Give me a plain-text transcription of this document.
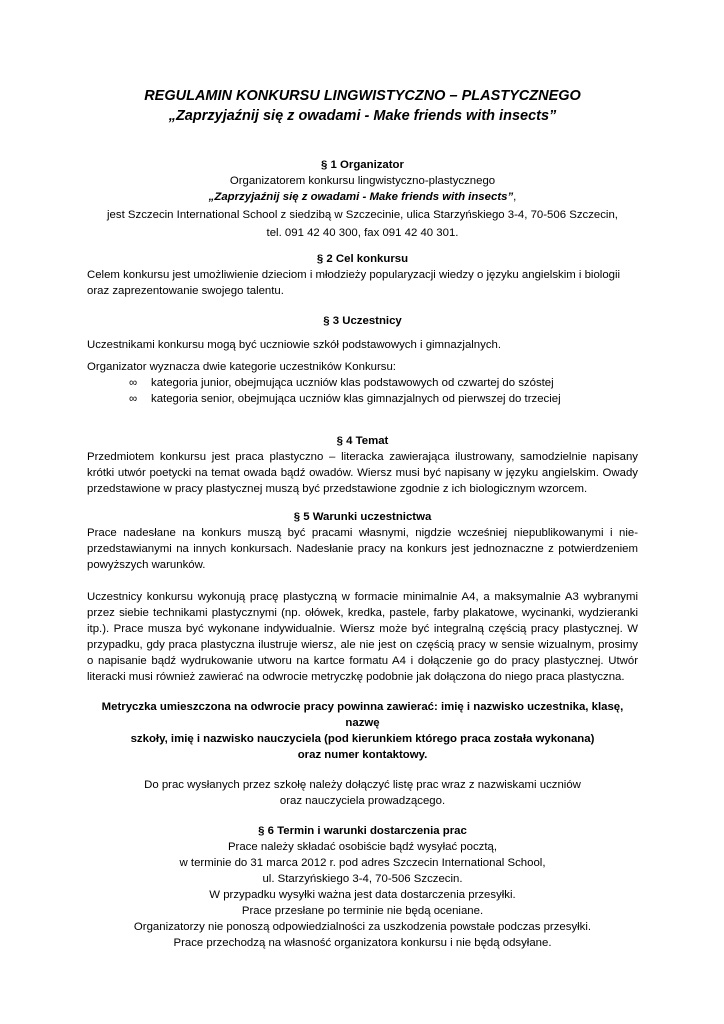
REGULAMIN KONKURSU LINGWISTYCZNO – PLASTYCZNEGO

„Zaprzyjaźnij się z owadami - Make friends with insects”

§ 1 Organizator

Organizatorem konkursu lingwistyczno-plastycznego

„Zaprzyjaźnij się z owadami - Make friends with insects”,

jest Szczecin International School z siedzibą w Szczecinie, ulica Starzyńskiego 3-4, 70-506 Szczecin,

tel. 091 42 40 300, fax 091 42 40 301.

§ 2 Cel konkursu

Celem konkursu jest umożliwienie dzieciom i młodzieży popularyzacji wiedzy o języku angielskim i biologii oraz zaprezentowanie swojego talentu.

§ 3 Uczestnicy

Uczestnikami konkursu mogą być uczniowie szkół podstawowych i gimnazjalnych.

Organizator wyznacza dwie kategorie uczestników Konkursu:

∞ kategoria junior, obejmująca uczniów klas podstawowych od czwartej do szóstej
∞ kategoria senior, obejmująca uczniów klas gimnazjalnych od pierwszej do trzeciej

§ 4 Temat

Przedmiotem konkursu jest praca plastyczno – literacka zawierająca ilustrowany, samodzielnie napisany krótki utwór poetycki na temat owada bądź owadów. Wiersz musi być napisany w języku angielskim. Owady przedstawione w pracy plastycznej muszą być przedstawione zgodnie z ich biologicznym wzorcem.

§ 5 Warunki uczestnictwa

Prace nadesłane na konkurs muszą być pracami własnymi, nigdzie wcześniej niepublikowanymi i nie-przedstawianymi na innych konkursach. Nadesłanie pracy na konkurs jest jednoznaczne z potwierdzeniem powyższych warunków.

Uczestnicy konkursu wykonują pracę plastyczną w formacie minimalnie A4, a maksymalnie A3 wybranymi przez siebie technikami plastycznymi (np. ołówek, kredka, pastele, farby plakatowe, wycinanki, wydzieranki itp.). Prace musza być wykonane indywidualnie. Wiersz może być integralną częścią pracy plastycznej. W przypadku, gdy praca plastyczna ilustruje wiersz, ale nie jest on częścią pracy w sensie wizualnym, prosimy o napisanie bądź wydrukowanie utworu na kartce formatu A4 i dołączenie go do pracy plastycznej. Utwór literacki musi również zawierać na odwrocie metryczkę podobnie jak dołączona do niego praca plastyczna.

Metryczka umieszczona na odwrocie pracy powinna zawierać: imię i nazwisko uczestnika, klasę, nazwę

szkoły, imię i nazwisko nauczyciela (pod kierunkiem którego praca została wykonana)

oraz numer kontaktowy.

Do prac wysłanych przez szkołę należy dołączyć listę prac wraz z nazwiskami uczniów

oraz nauczyciela prowadzącego.

§ 6 Termin i warunki dostarczenia prac

Prace należy składać osobiście bądź wysyłać pocztą,

w terminie do 31 marca 2012 r. pod adres Szczecin International School,

ul. Starzyńskiego 3-4, 70-506 Szczecin.

W przypadku wysyłki ważna jest data dostarczenia przesyłki.

Prace przesłane po terminie nie będą oceniane.

Organizatorzy nie ponoszą odpowiedzialności za uszkodzenia powstałe podczas przesyłki.

Prace przechodzą na własność organizatora konkursu i nie będą odsyłane.
